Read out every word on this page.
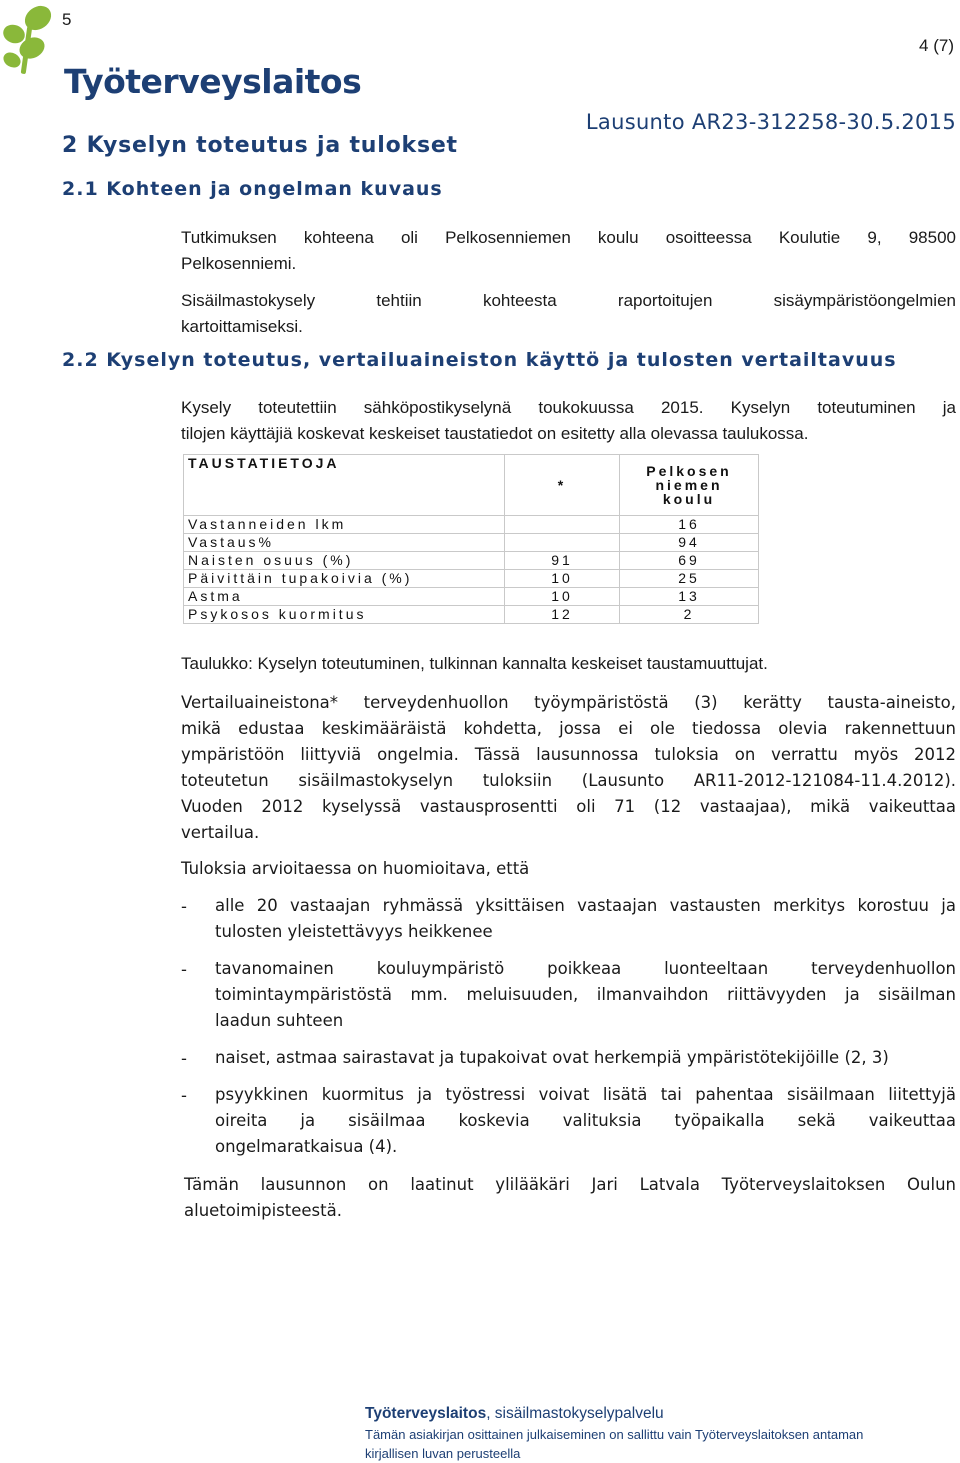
5
Työterveyslaitos
4 (7)
Lausunto AR23-312258-30.5.2015
2 Kyselyn toteutus ja tulokset
2.1 Kohteen ja ongelman kuvaus
Tutkimuksen kohteena oli Pelkosenniemen koulu osoitteessa Koulutie 9, 98500
Pelkosenniemi.
Sisäilmastokysely tehtiin kohteesta raportoitujen sisäympäristöongelmien
kartoittamiseksi.
2.2 Kyselyn toteutus, vertailuaineiston käyttö ja tulosten vertailtavuus
Kysely toteutettiin sähköpostikyselynä toukokuussa 2015. Kyselyn toteutuminen ja
tilojen käyttäjiä koskevat keskeiset taustatiedot on esitetty alla olevassa taulukossa.
TAUSTATIETOJA	*	Pelkosen
niemen
koulu
Vastanneiden lkm		16
Vastaus%		94
Naisten osuus (%)	91	69
Päivittäin tupakoivia (%)	10	25
Astma	10	13
Psykosos kuormitus	12	2
Taulukko: Kyselyn toteutuminen, tulkinnan kannalta keskeiset taustamuuttujat.
Vertailuaineistona* terveydenhuollon työympäristöstä (3) kerätty tausta-aineisto,
mikä edustaa keskimääräistä kohdetta, jossa ei ole tiedossa olevia rakennettuun
ympäristöön liittyviä ongelmia. Tässä lausunnossa tuloksia on verrattu myös 2012
toteutetun sisäilmastokyselyn tuloksiin (Lausunto AR11-2012-121084-11.4.2012).
Vuoden 2012 kyselyssä vastausprosentti oli 71 (12 vastaajaa), mikä vaikeuttaa
vertailua.
Tuloksia arvioitaessa on huomioitava, että
- alle 20 vastaajan ryhmässä yksittäisen vastaajan vastausten merkitys korostuu ja
tulosten yleistettävyys heikkenee
- tavanomainen kouluympäristö poikkeaa luonteeltaan terveydenhuollon
toimintaympäristöstä mm. meluisuuden, ilmanvaihdon riittävyyden ja sisäilman
laadun suhteen
- naiset, astmaa sairastavat ja tupakoivat ovat herkempiä ympäristötekijöille (2, 3)
- psyykkinen kuormitus ja työstressi voivat lisätä tai pahentaa sisäilmaan liitettyjä
oireita ja sisäilmaa koskevia valituksia työpaikalla sekä vaikeuttaa
ongelmaratkaisua (4).
Tämän lausunnon on laatinut ylilääkäri Jari Latvala Työterveyslaitoksen Oulun
aluetoimipisteestä.
Työterveyslaitos, sisäilmastokyselypalvelu
Tämän asiakirjan osittainen julkaiseminen on sallittu vain Työterveyslaitoksen antaman
kirjallisen luvan perusteella
